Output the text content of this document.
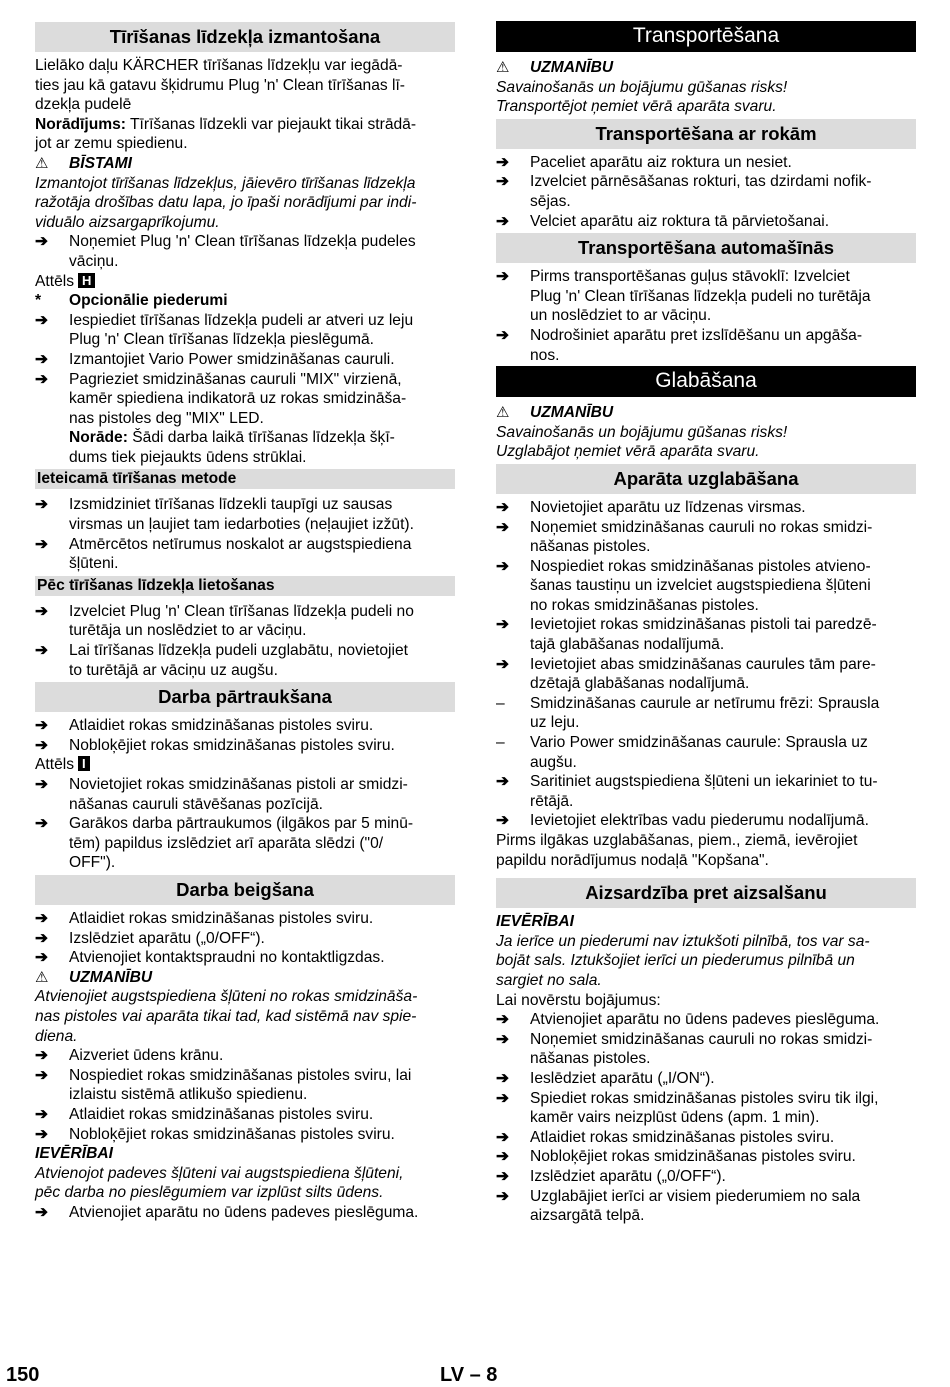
Tīrīšanas līdzekļa izmantošana
Lielāko daļu KÄRCHER tīrīšanas līdzekļu var iegādā-
ties jau kā gatavu šķidrumu Plug 'n' Clean tīrīšanas lī-
dzekļa pudelē
Norādījums: Tīrīšanas līdzekli var piejaukt tikai strādā-
jot ar zemu spiedienu.
⚠	BĪSTAMI
Izmantojot tīrīšanas līdzekļus, jāievēro tīrīšanas līdzekļa
ražotāja drošības datu lapa, jo īpaši norādījumi par indi-
viduālo aizsargaprīkojumu.
➔	Noņemiet Plug 'n' Clean tīrīšanas līdzekļa pudeles
vāciņu.
Attēls H
*	Opcionālie piederumi
➔	Iespiediet tīrīšanas līdzekļa pudeli ar atveri uz leju
Plug 'n' Clean tīrīšanas līdzekļa pieslēgumā.
➔	Izmantojiet Vario Power smidzināšanas cauruli.
➔	Pagrieziet smidzināšanas cauruli "MIX" virzienā,
kamēr spiediena indikatorā uz rokas smidzināša-
nas pistoles deg "MIX" LED.
Norāde: Šādi darba laikā tīrīšanas līdzekļa šķī-
dums tiek piejaukts ūdens strūklai.
Ieteicamā tīrīšanas metode
➔	Izsmidziniet tīrīšanas līdzekli taupīgi uz sausas
virsmas un ļaujiet tam iedarboties (neļaujiet izžūt).
➔	Atmērcētos netīrumus noskalot ar augstspiediena
šļūteni.
Pēc tīrīšanas līdzekļa lietošanas
➔	Izvelciet Plug 'n' Clean tīrīšanas līdzekļa pudeli no
turētāja un noslēdziet to ar vāciņu.
➔	Lai tīrīšanas līdzekļa pudeli uzglabātu, novietojiet
to turētājā ar vāciņu uz augšu.
Darba pārtraukšana
➔	Atlaidiet rokas smidzināšanas pistoles sviru.
➔	Nobloķējiet rokas smidzināšanas pistoles sviru.
Attēls I
➔	Novietojiet rokas smidzināšanas pistoli ar smidzi-
nāšanas cauruli stāvēšanas pozīcijā.
➔	Garākos darba pārtraukumos (ilgākos par 5 minū-
tēm) papildus izslēdziet arī aparāta slēdzi ("0/
OFF").
Darba beigšana
➔	Atlaidiet rokas smidzināšanas pistoles sviru.
➔	Izslēdziet aparātu („0/OFF“).
➔	Atvienojiet kontaktspraudni no kontaktligzdas.
⚠	UZMANĪBU
Atvienojiet augstspiediena šļūteni no rokas smidzināša-
nas pistoles vai aparāta tikai tad, kad sistēmā nav spie-
diena.
➔	Aizveriet ūdens krānu.
➔	Nospiediet rokas smidzināšanas pistoles sviru, lai
izlaistu sistēmā atlikušo spiedienu.
➔	Atlaidiet rokas smidzināšanas pistoles sviru.
➔	Nobloķējiet rokas smidzināšanas pistoles sviru.
IEVĒRĪBAI
Atvienojot padeves šļūteni vai augstspiediena šļūteni,
pēc darba no pieslēgumiem var izplūst silts ūdens.
➔	Atvienojiet aparātu no ūdens padeves pieslēguma.
Transportēšana
⚠	UZMANĪBU
Savainošanās un bojājumu gūšanas risks!
Transportējot ņemiet vērā aparāta svaru.
Transportēšana ar rokām
➔	Paceliet aparātu aiz roktura un nesiet.
➔	Izvelciet pārnēsāšanas rokturi, tas dzirdami nofik-
sējas.
➔	Velciet aparātu aiz roktura tā pārvietošanai.
Transportēšana automašīnās
➔	Pirms transportēšanas guļus stāvoklī: Izvelciet
Plug 'n' Clean tīrīšanas līdzekļa pudeli no turētāja
un noslēdziet to ar vāciņu.
➔	Nodrošiniet aparātu pret izslīdēšanu un apgāša-
nos.
Glabāšana
⚠	UZMANĪBU
Savainošanās un bojājumu gūšanas risks!
Uzglabājot ņemiet vērā aparāta svaru.
Aparāta uzglabāšana
➔	Novietojiet aparātu uz līdzenas virsmas.
➔	Noņemiet smidzināšanas cauruli no rokas smidzi-
nāšanas pistoles.
➔	Nospiediet rokas smidzināšanas pistoles atvieno-
šanas taustiņu un izvelciet augstspiediena šļūteni
no rokas smidzināšanas pistoles.
➔	Ievietojiet rokas smidzināšanas pistoli tai paredzē-
tajā glabāšanas nodalījumā.
➔	Ievietojiet abas smidzināšanas caurules tām pare-
dzētajā glabāšanas nodalījumā.
–	Smidzināšanas caurule ar netīrumu frēzi: Sprausla
uz leju.
–	Vario Power smidzināšanas caurule: Sprausla uz
augšu.
➔	Saritiniet augstspiediena šļūteni un iekariniet to tu-
rētājā.
➔	Ievietojiet elektrības vadu piederumu nodalījumā.
Pirms ilgākas uzglabāšanas, piem., ziemā, ievērojiet
papildu norādījumus nodaļā "Kopšana".
Aizsardzība pret aizsalšanu
IEVĒRĪBAI
Ja ierīce un piederumi nav iztukšoti pilnībā, tos var sa-
bojāt sals. Iztukšojiet ierīci un piederumus pilnībā un
sargiet no sala.
Lai novērstu bojājumus:
➔	Atvienojiet aparātu no ūdens padeves pieslēguma.
➔	Noņemiet smidzināšanas cauruli no rokas smidzi-
nāšanas pistoles.
➔	Ieslēdziet aparātu („I/ON“).
➔	Spiediet rokas smidzināšanas pistoles sviru tik ilgi,
kamēr vairs neizplūst ūdens (apm. 1 min).
➔	Atlaidiet rokas smidzināšanas pistoles sviru.
➔	Nobloķējiet rokas smidzināšanas pistoles sviru.
➔	Izslēdziet aparātu („0/OFF“).
➔	Uzglabājiet ierīci ar visiem piederumiem no sala
aizsargātā telpā.
150	LV – 8
